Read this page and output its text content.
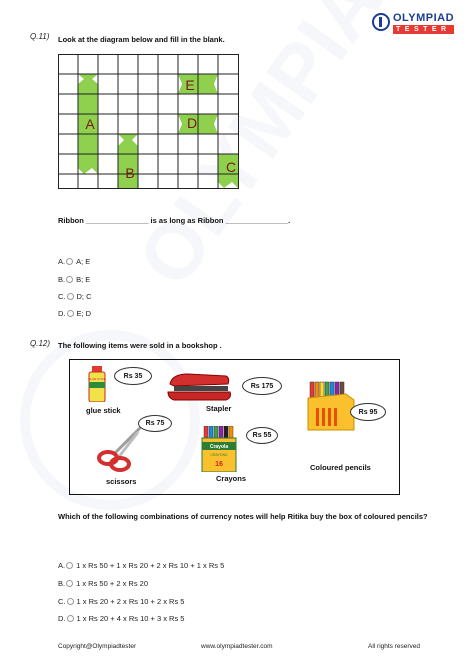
OLYMPIAD
TESTER
Q.11) Look at the diagram below and fill in the blank.
A
B	C
D
E
Ribbon _______________ is as long as Ribbon _______________.
A. A; E
B. B; E
C. D; C
D. E; D
Q.12) The following items were sold in a bookshop .
GLUE STICK	Rs 35
glue stick
Rs 175
Stapler	Rs 95
Coloured pencils
Rs 75
scissors
Crayola
CRAYONS
16
Rs 55
Crayons
Which of the following combinations of currency notes will help Ritika buy the box of coloured pencils?
A. 1 x Rs 50 + 1 x Rs 20 + 2 x Rs 10 + 1 x Rs 5
B. 1 x Rs 50 + 2 x Rs 20
C. 1 x Rs 20 + 2 x Rs 10 + 2 x Rs 5
D. 1 x Rs 20 + 4 x Rs 10 + 3 x Rs 5
Copyright@Olympiadtester	www.olympiadtester.com	All rights reserved
